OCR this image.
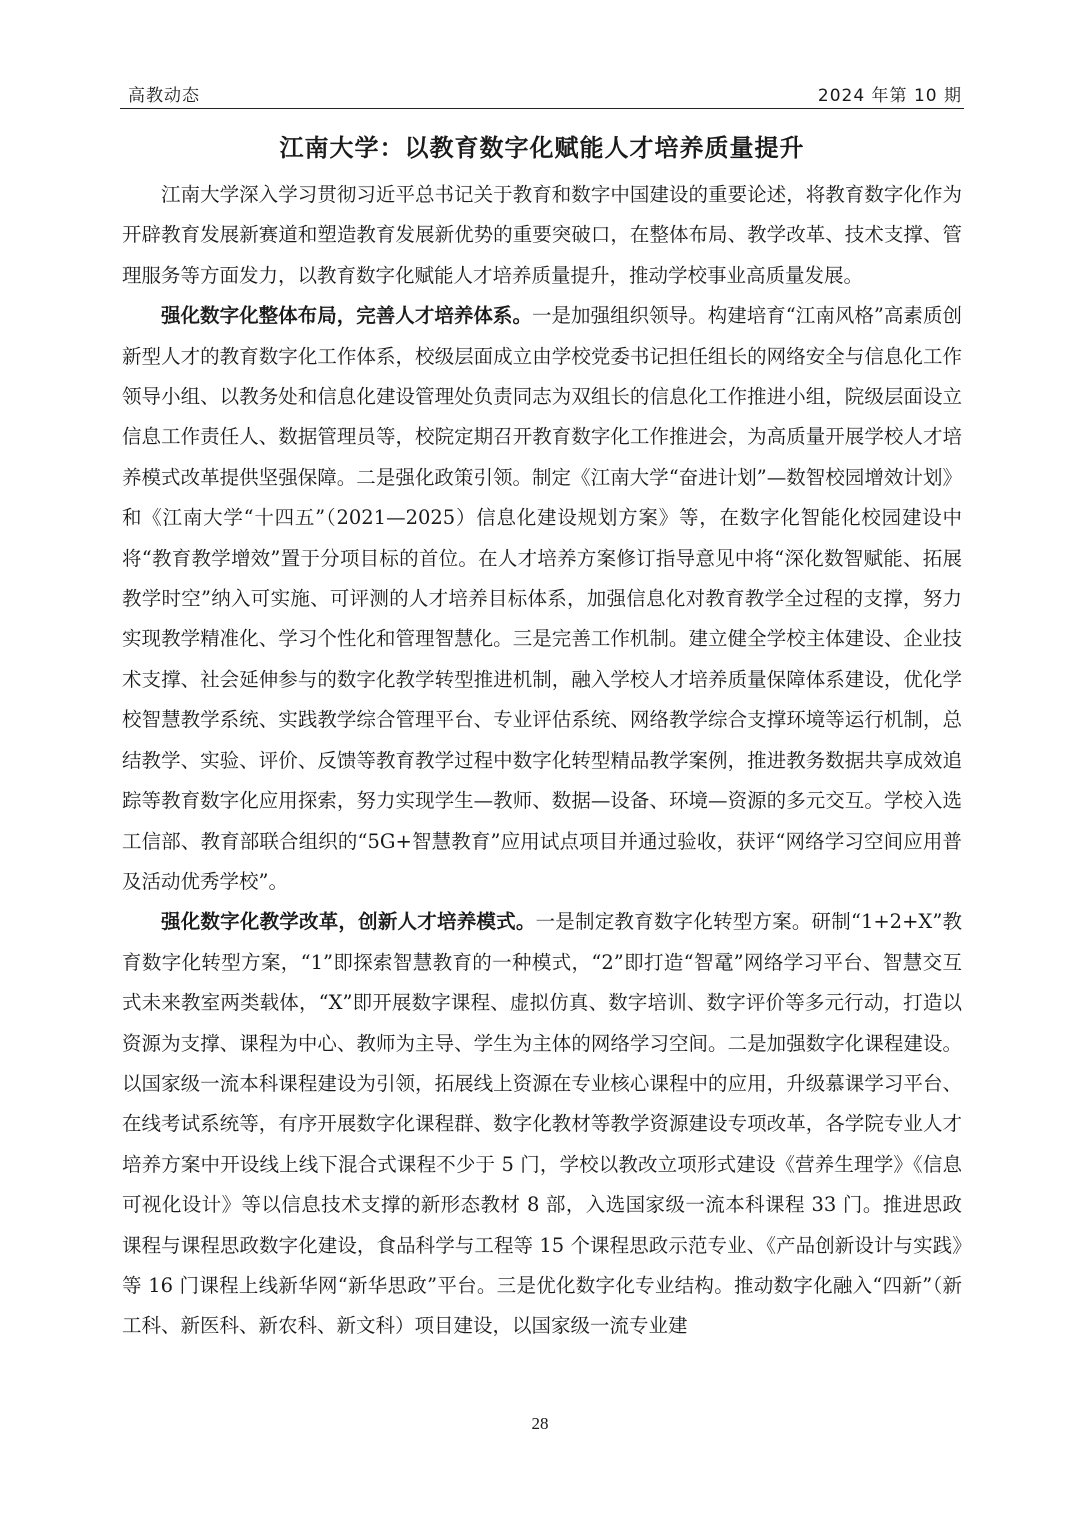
高教动态	2024 年第 10 期
江南大学：以教育数字化赋能人才培养质量提升

江南大学深入学习贯彻习近平总书记关于教育和数字中国建设的重要论述，将教育数字化作为开辟教育发展新赛道和塑造教育发展新优势的重要突破口，在整体布局、教学改革、技术支撑、管理服务等方面发力，以教育数字化赋能人才培养质量提升，推动学校事业高质量发展。

强化数字化整体布局，完善人才培养体系。一是加强组织领导。构建培育“江南风格”高素质创新型人才的教育数字化工作体系，校级层面成立由学校党委书记担任组长的网络安全与信息化工作领导小组、以教务处和信息化建设管理处负责同志为双组长的信息化工作推进小组，院级层面设立信息工作责任人、数据管理员等，校院定期召开教育数字化工作推进会，为高质量开展学校人才培养模式改革提供坚强保障。二是强化政策引领。制定《江南大学“奋进计划”—数智校园增效计划》和《江南大学“十四五”（2021—2025）信息化建设规划方案》等，在数字化智能化校园建设中将“教育教学增效”置于分项目标的首位。在人才培养方案修订指导意见中将“深化数智赋能、拓展教学时空”纳入可实施、可评测的人才培养目标体系，加强信息化对教育教学全过程的支撑，努力实现教学精准化、学习个性化和管理智慧化。三是完善工作机制。建立健全学校主体建设、企业技术支撑、社会延伸参与的数字化教学转型推进机制，融入学校人才培养质量保障体系建设，优化学校智慧教学系统、实践教学综合管理平台、专业评估系统、网络教学综合支撑环境等运行机制，总结教学、实验、评价、反馈等教育教学过程中数字化转型精品教学案例，推进教务数据共享成效追踪等教育数字化应用探索，努力实现学生—教师、数据—设备、环境—资源的多元交互。学校入选工信部、教育部联合组织的“5G+智慧教育”应用试点项目并通过验收，获评“网络学习空间应用普及活动优秀学校”。

强化数字化教学改革，创新人才培养模式。一是制定教育数字化转型方案。研制“1+2+X”教育数字化转型方案，“1”即探索智慧教育的一种模式，“2”即打造“智鼋”网络学习平台、智慧交互式未来教室两类载体，“X”即开展数字课程、虚拟仿真、数字培训、数字评价等多元行动，打造以资源为支撑、课程为中心、教师为主导、学生为主体的网络学习空间。二是加强数字化课程建设。以国家级一流本科课程建设为引领，拓展线上资源在专业核心课程中的应用，升级慕课学习平台、在线考试系统等，有序开展数字化课程群、数字化教材等教学资源建设专项改革，各学院专业人才培养方案中开设线上线下混合式课程不少于 5 门，学校以教改立项形式建设《营养生理学》《信息可视化设计》等以信息技术支撑的新形态教材 8 部，入选国家级一流本科课程 33 门。推进思政课程与课程思政数字化建设，食品科学与工程等 15 个课程思政示范专业、《产品创新设计与实践》等 16 门课程上线新华网“新华思政”平台。三是优化数字化专业结构。推动数字化融入“四新”（新工科、新医科、新农科、新文科）项目建设，以国家级一流专业建

28
